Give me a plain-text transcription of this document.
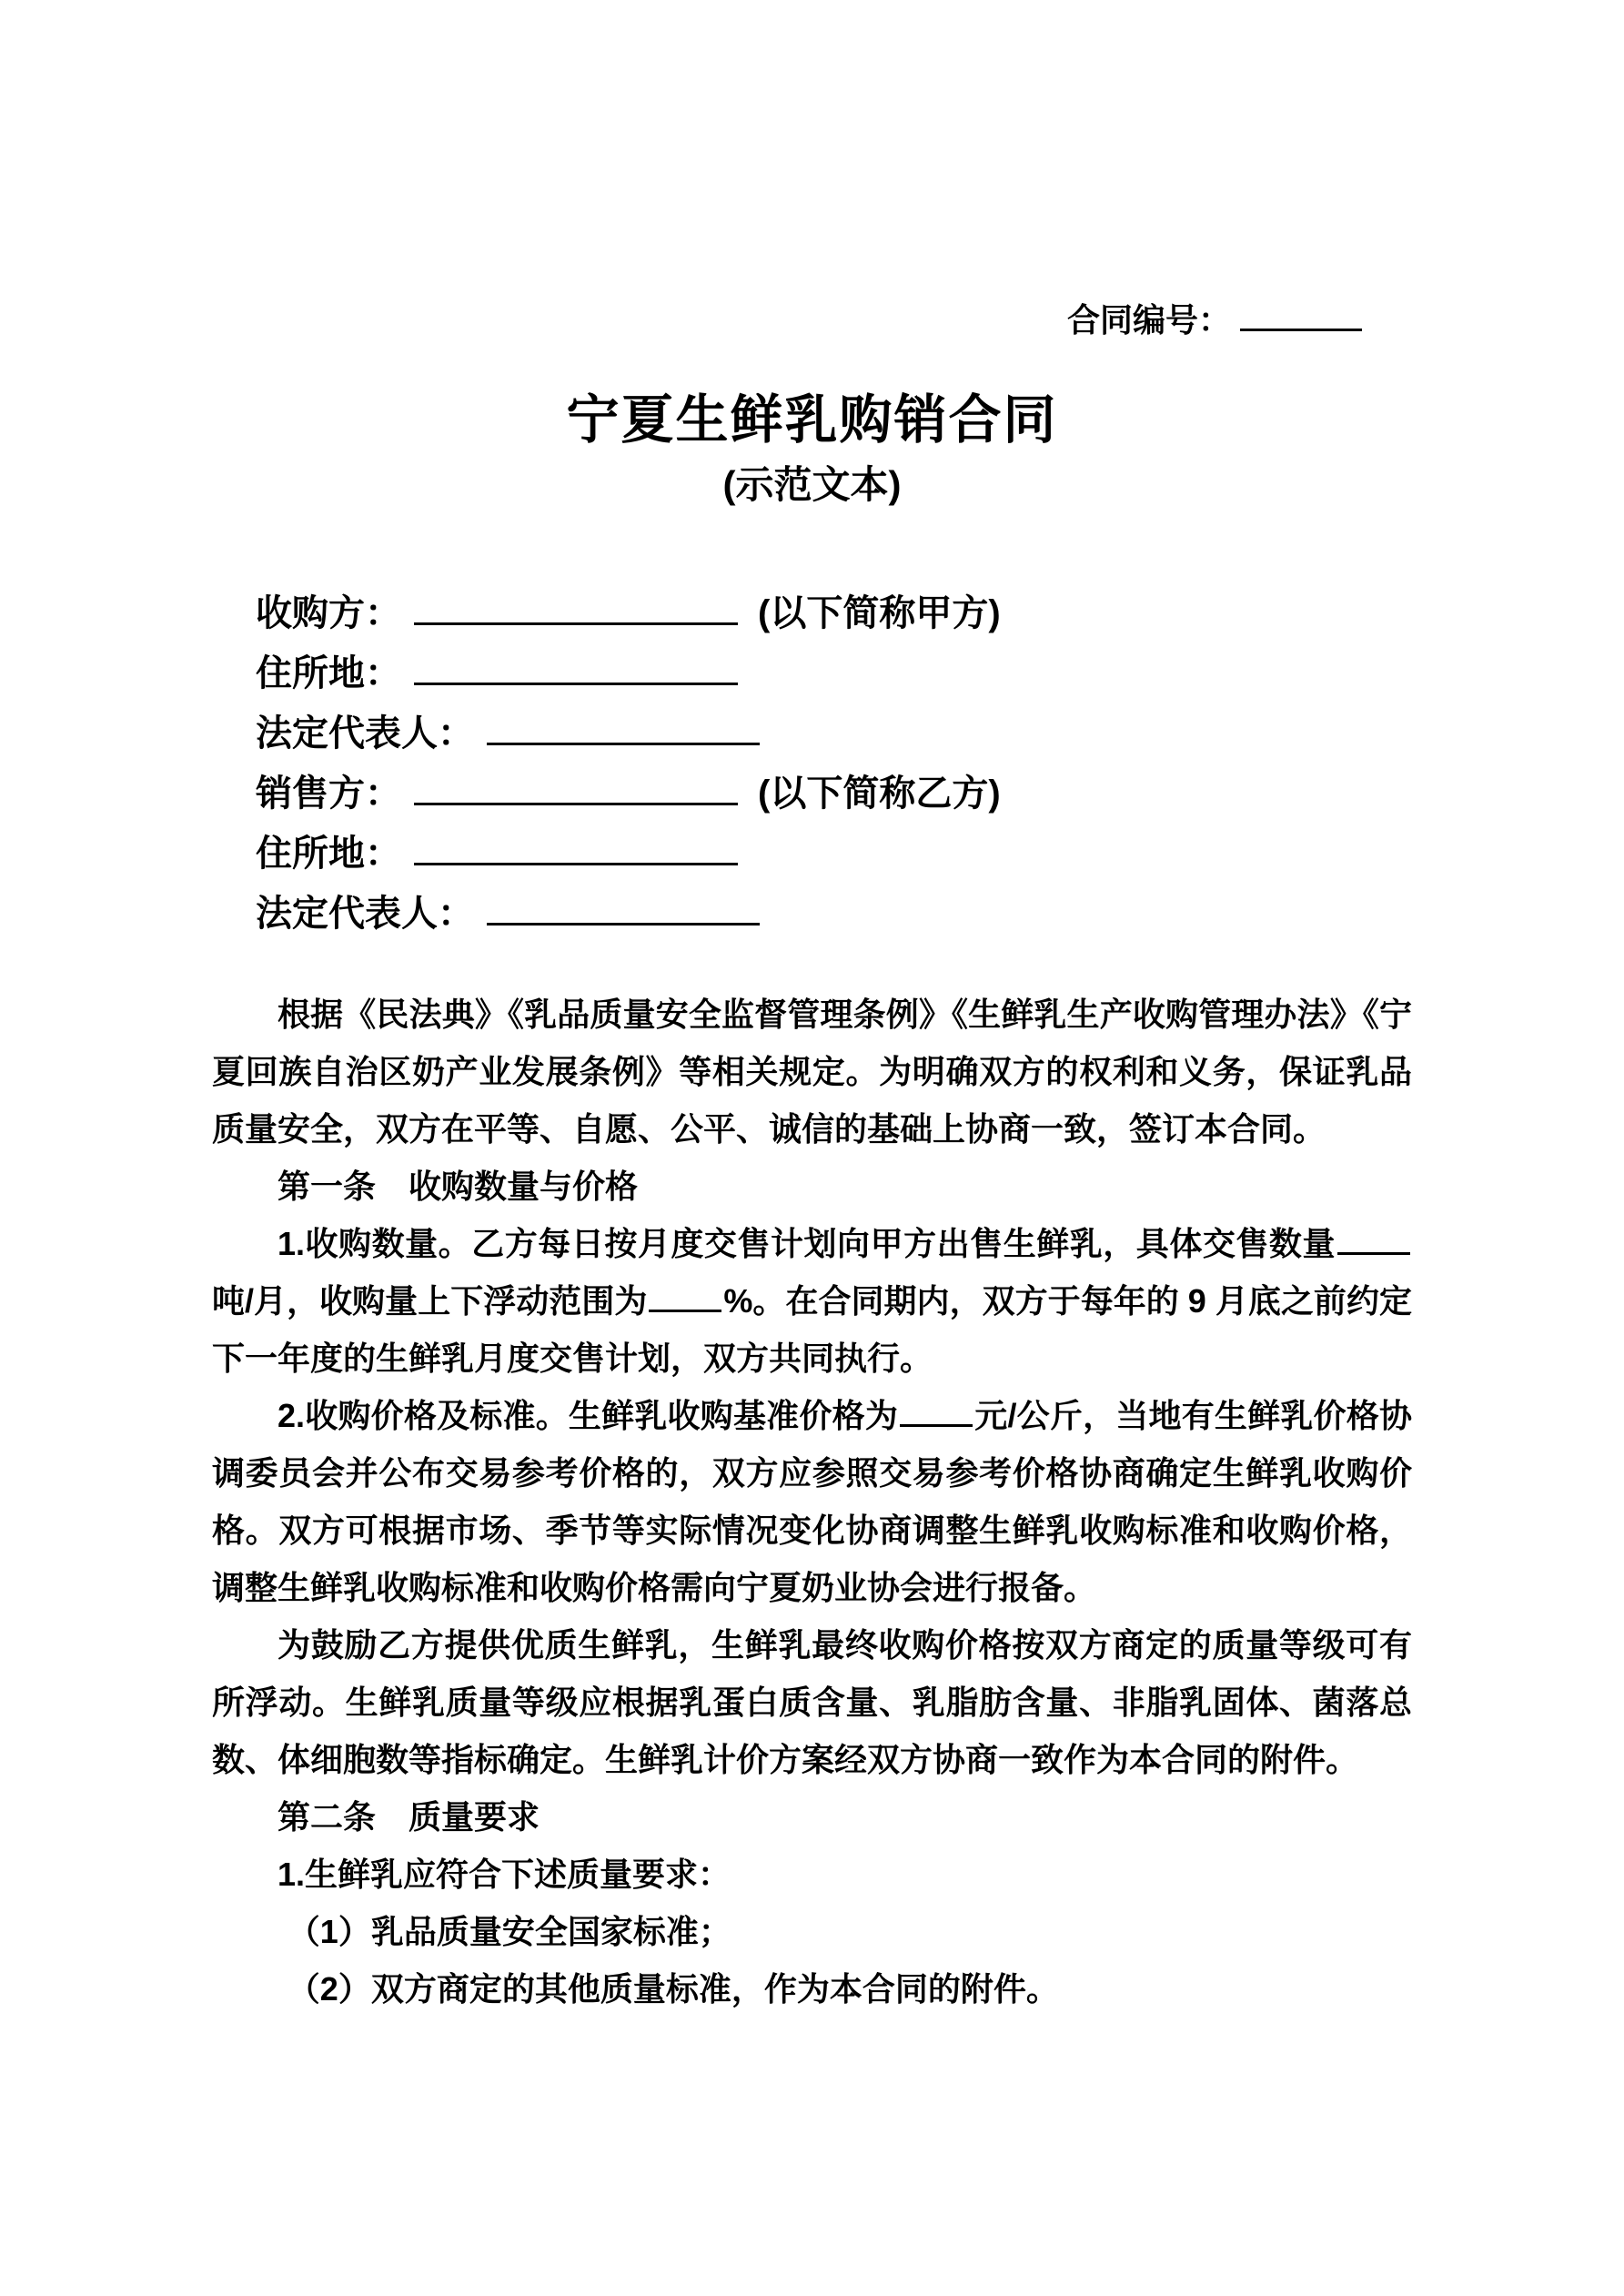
合同编号：
宁夏生鲜乳购销合同
(示范文本)
收购方：	(以下简称甲方)
住所地：
法定代表人：
销售方：	(以下简称乙方)
住所地：
法定代表人：

根据《民法典》《乳品质量安全监督管理条例》《生鲜乳生产收购管理办法》《宁夏回族自治区奶产业发展条例》等相关规定。为明确双方的权利和义务，保证乳品质量安全，双方在平等、自愿、公平、诚信的基础上协商一致，签订本合同。

第一条　收购数量与价格

1.收购数量。乙方每日按月度交售计划向甲方出售生鲜乳，具体交售数量吨/月，收购量上下浮动范围为 %。在合同期内，双方于每年的 9 月底之前约定下一年度的生鲜乳月度交售计划，双方共同执行。

2.收购价格及标准。生鲜乳收购基准价格为 元/公斤，当地有生鲜乳价格协调委员会并公布交易参考价格的，双方应参照交易参考价格协商确定生鲜乳收购价格。双方可根据市场、季节等实际情况变化协商调整生鲜乳收购标准和收购价格，调整生鲜乳收购标准和收购价格需向宁夏奶业协会进行报备。

为鼓励乙方提供优质生鲜乳，生鲜乳最终收购价格按双方商定的质量等级可有所浮动。生鲜乳质量等级应根据乳蛋白质含量、乳脂肪含量、非脂乳固体、菌落总数、体细胞数等指标确定。生鲜乳计价方案经双方协商一致作为本合同的附件。

第二条　质量要求

1.生鲜乳应符合下述质量要求：

（1）乳品质量安全国家标准；

（2）双方商定的其他质量标准，作为本合同的附件。
